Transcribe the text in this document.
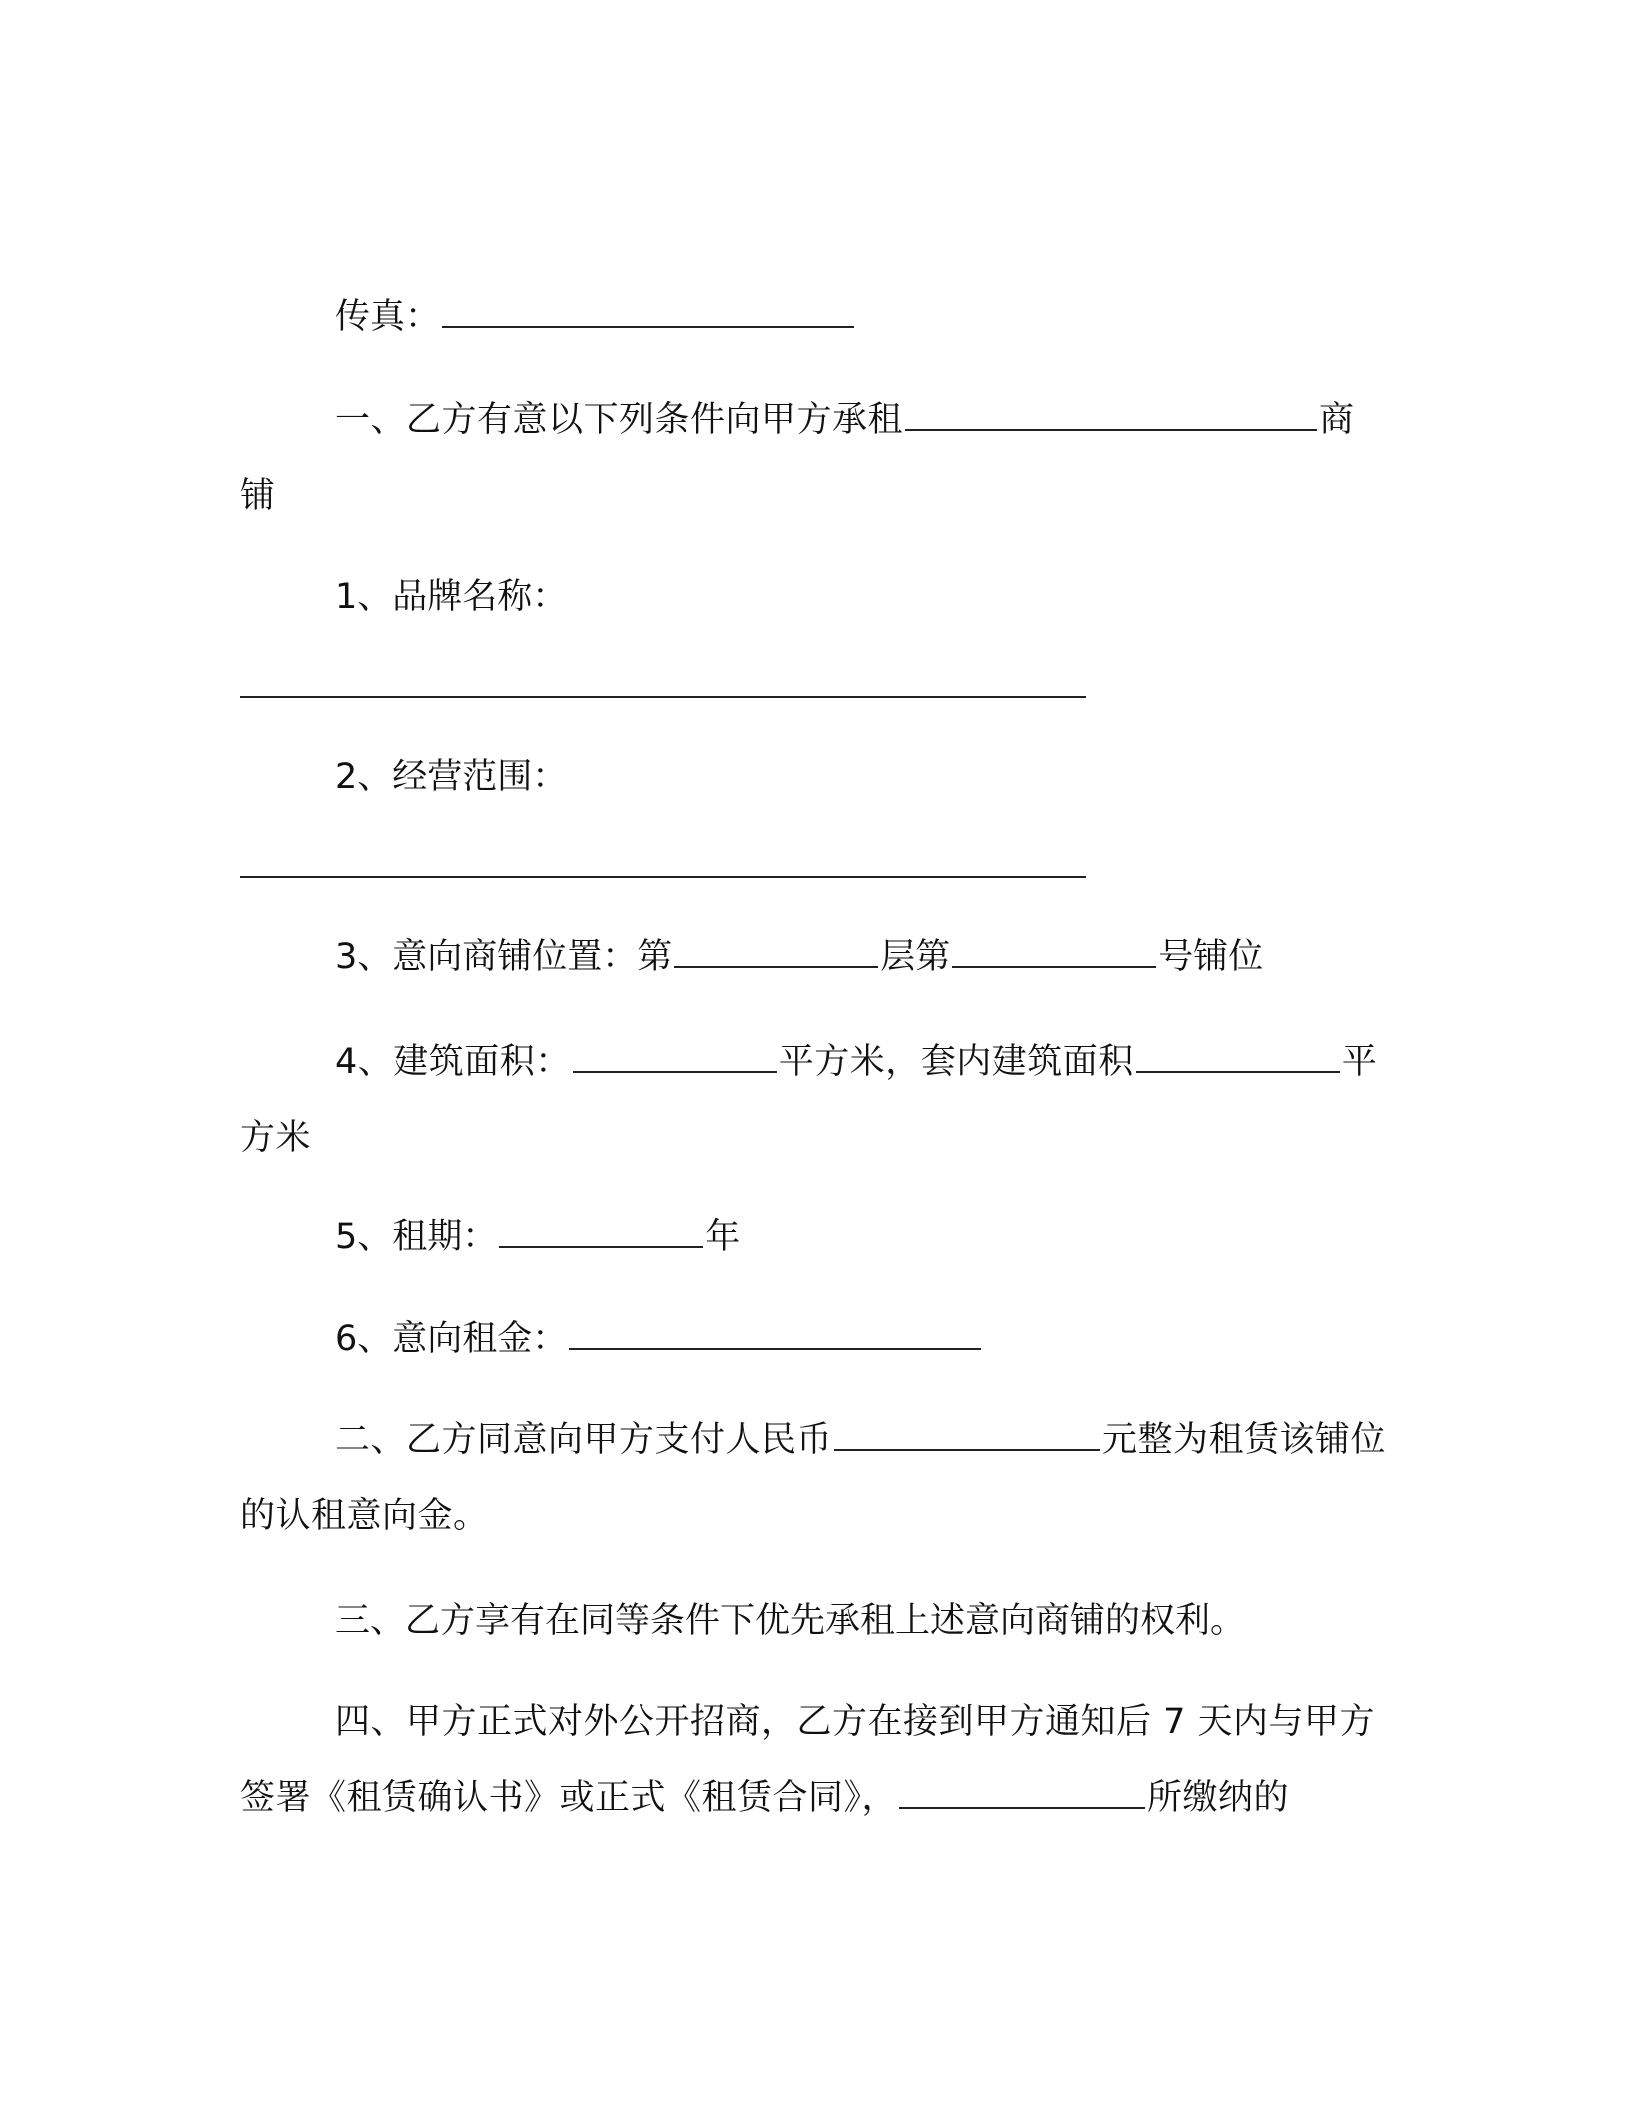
传真：

一、乙方有意以下列条件向甲方承租	商铺

1、品牌名称：

2、经营范围：

3、意向商铺位置：第	层第	号铺位

4、建筑面积：	平方米，套内建筑面积	平方米

5、租期：	年

6、意向租金：

二、乙方同意向甲方支付人民币	元整为租赁该铺位的认租意向金。

三、乙方享有在同等条件下优先承租上述意向商铺的权利。

四、甲方正式对外公开招商，乙方在接到甲方通知后 7 天内与甲方签署《租赁确认书》或正式《租赁合同》，	所缴纳的
